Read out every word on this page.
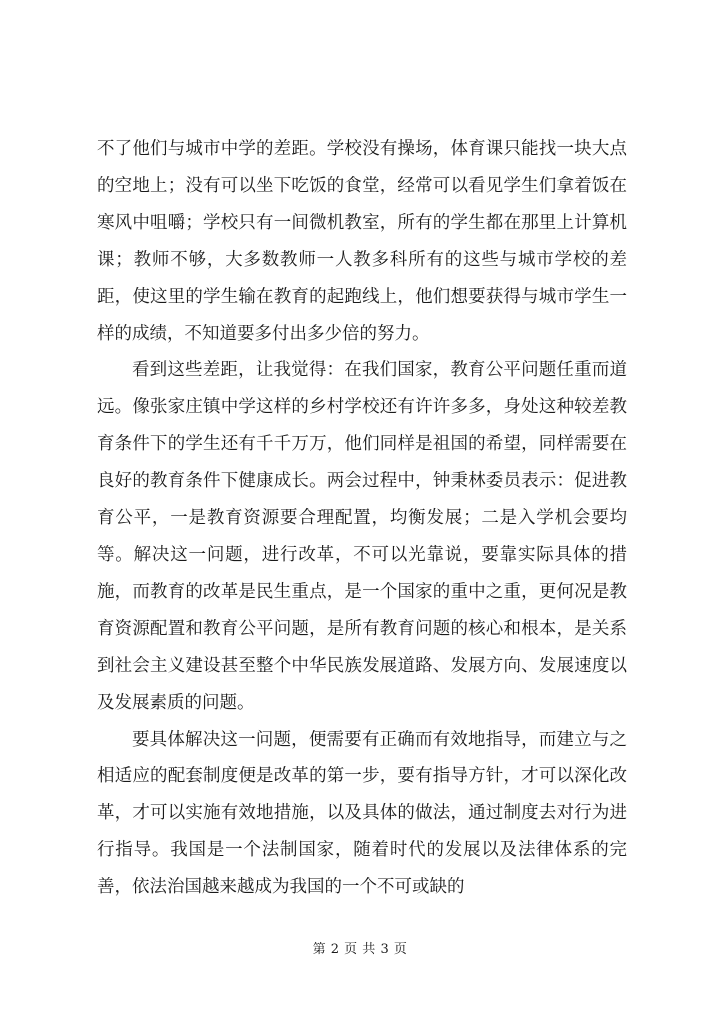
不了他们与城市中学的差距。学校没有操场，体育课只能找一块大点的空地上；没有可以坐下吃饭的食堂，经常可以看见学生们拿着饭在寒风中咀嚼；学校只有一间微机教室，所有的学生都在那里上计算机课；教师不够，大多数教师一人教多科所有的这些与城市学校的差距，使这里的学生输在教育的起跑线上，他们想要获得与城市学生一样的成绩，不知道要多付出多少倍的努力。

看到这些差距，让我觉得：在我们国家，教育公平问题任重而道远。像张家庄镇中学这样的乡村学校还有许许多多，身处这种较差教育条件下的学生还有千千万万，他们同样是祖国的希望，同样需要在良好的教育条件下健康成长。两会过程中，钟秉林委员表示：促进教育公平，一是教育资源要合理配置，均衡发展；二是入学机会要均等。解决这一问题，进行改革，不可以光靠说，要靠实际具体的措施，而教育的改革是民生重点，是一个国家的重中之重，更何况是教育资源配置和教育公平问题，是所有教育问题的核心和根本，是关系到社会主义建设甚至整个中华民族发展道路、发展方向、发展速度以及发展素质的问题。

要具体解决这一问题，便需要有正确而有效地指导，而建立与之相适应的配套制度便是改革的第一步，要有指导方针，才可以深化改革，才可以实施有效地措施，以及具体的做法，通过制度去对行为进行指导。我国是一个法制国家，随着时代的发展以及法律体系的完善，依法治国越来越成为我国的一个不可或缺的

第 2 页 共 3 页
